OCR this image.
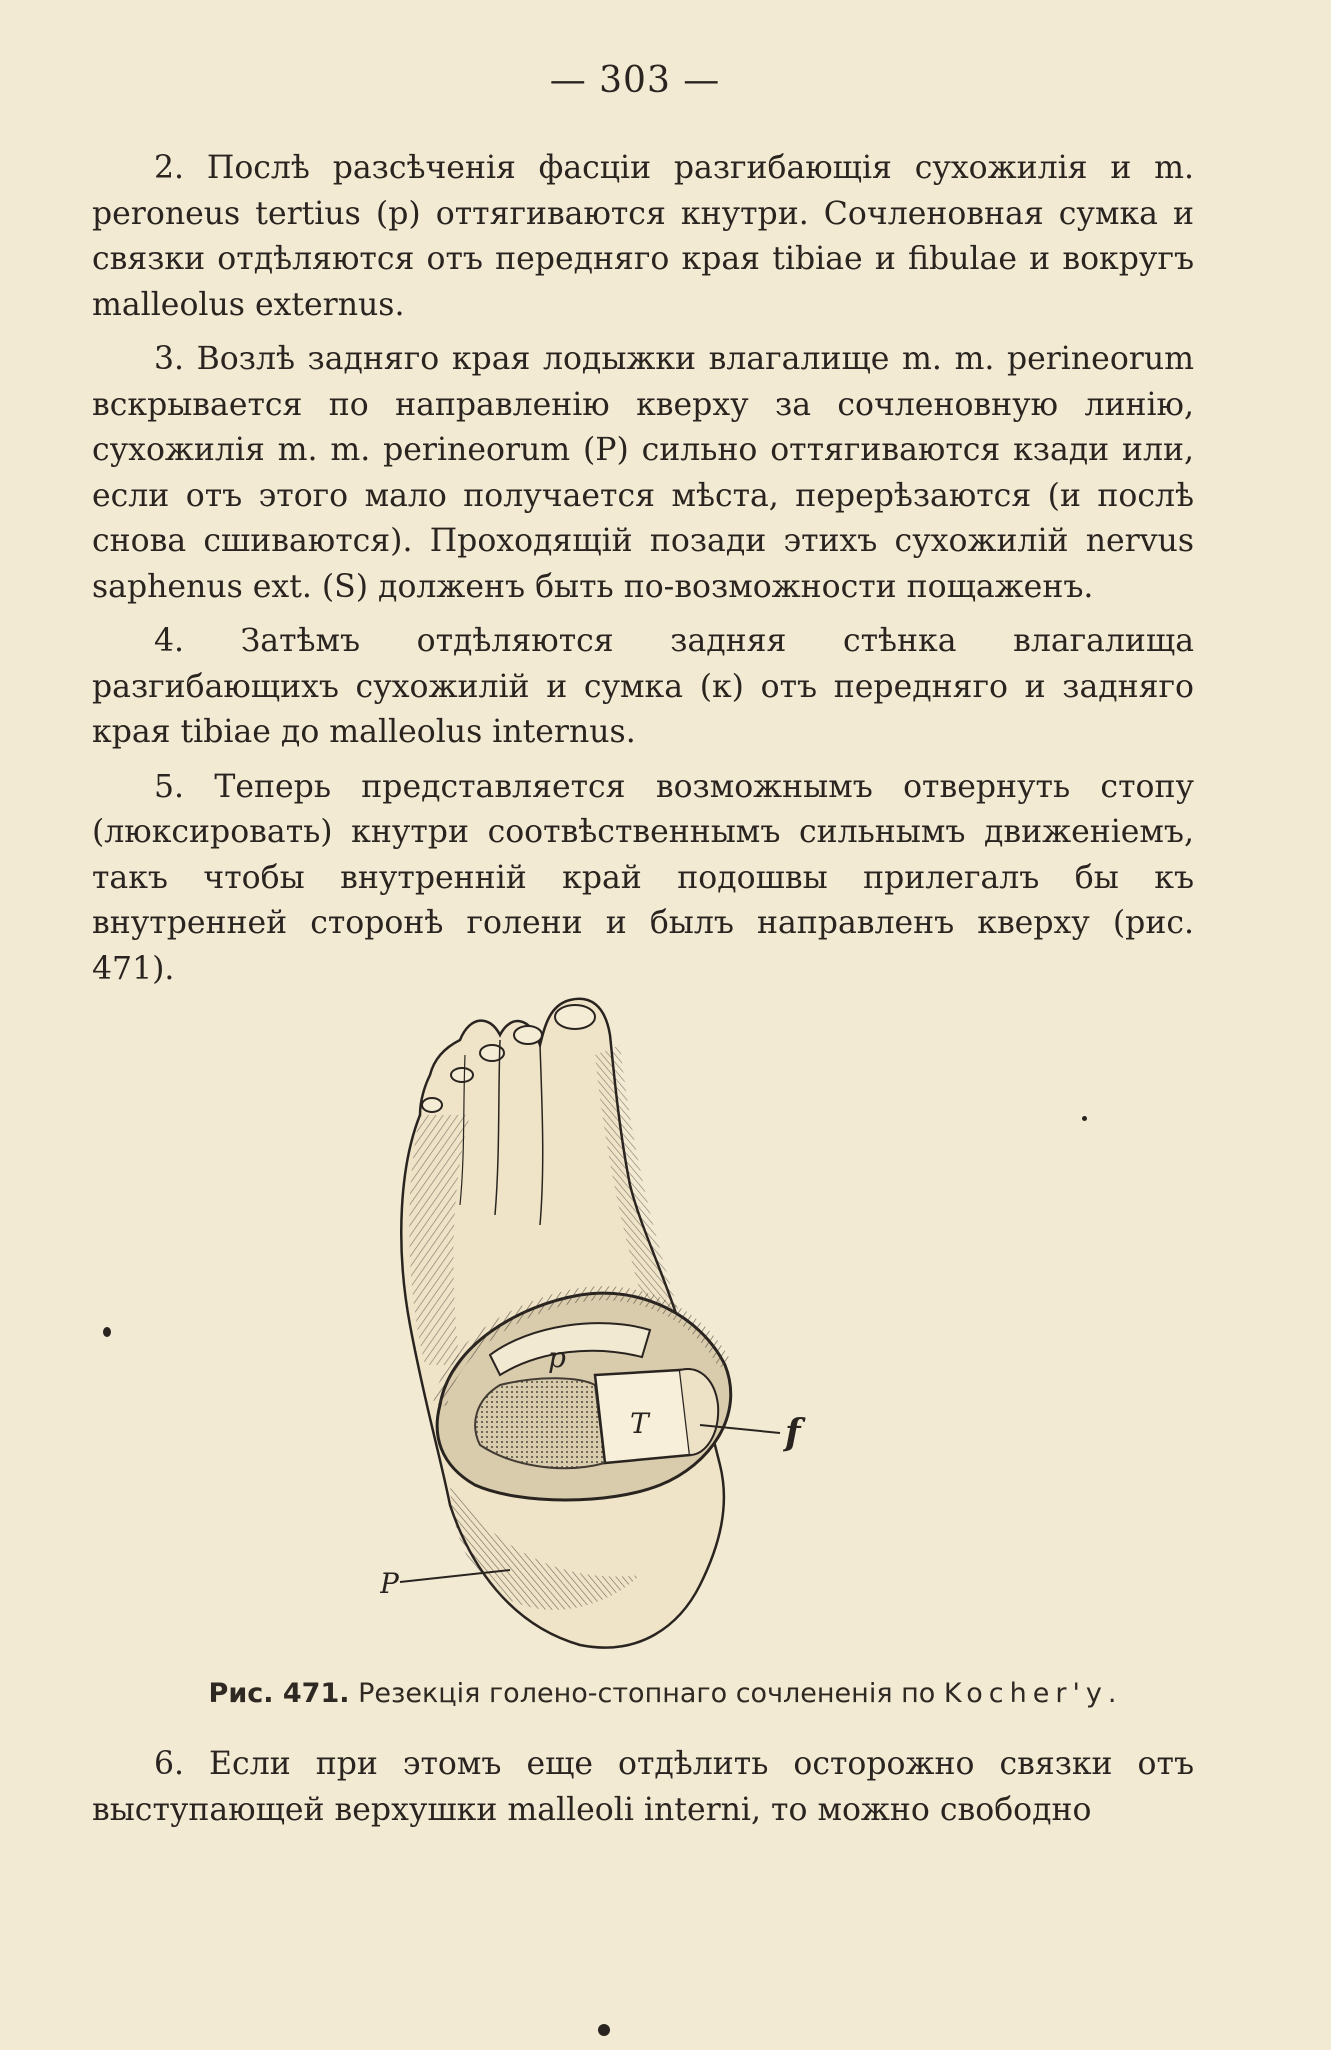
— 303 —

2. Послѣ разсѣченія фасціи разгибающія сухожилія и m. peroneus tertius (p) оттягиваются кнутри. Сочленовная сумка и связки отдѣляются отъ передняго края tibiae и fibulae и вокругъ malleolus externus.

3. Возлѣ задняго края лодыжки влагалище m. m. perineorum вскрывается по направленію кверху за сочленовную линію, сухожилія m. m. perineorum (P) сильно оттягиваются кзади или, если отъ этого мало получается мѣста, перерѣзаются (и послѣ снова сшиваются). Проходящій позади этихъ сухожилій nervus saphenus ext. (S) долженъ быть по-возможности пощаженъ.

4. Затѣмъ отдѣляются задняя стѣнка влагалища разгибающихъ сухожилій и сумка (к) отъ передняго и задняго края tibiae до malleolus internus.

5. Теперь представляется возможнымъ отвернуть стопу (люксировать) кнутри соотвѣственнымъ сильнымъ движеніемъ, такъ чтобы внутренній край подошвы прилегалъ бы къ внутренней сторонѣ голени и былъ направленъ кверху (рис. 471).

p
T	f
P
Рис. 471. Резекція голено-стопнаго сочлененія по Kocher'у.

6. Если при этомъ еще отдѣлить осторожно связки отъ выступающей верхушки malleoli interni, то можно свободно
